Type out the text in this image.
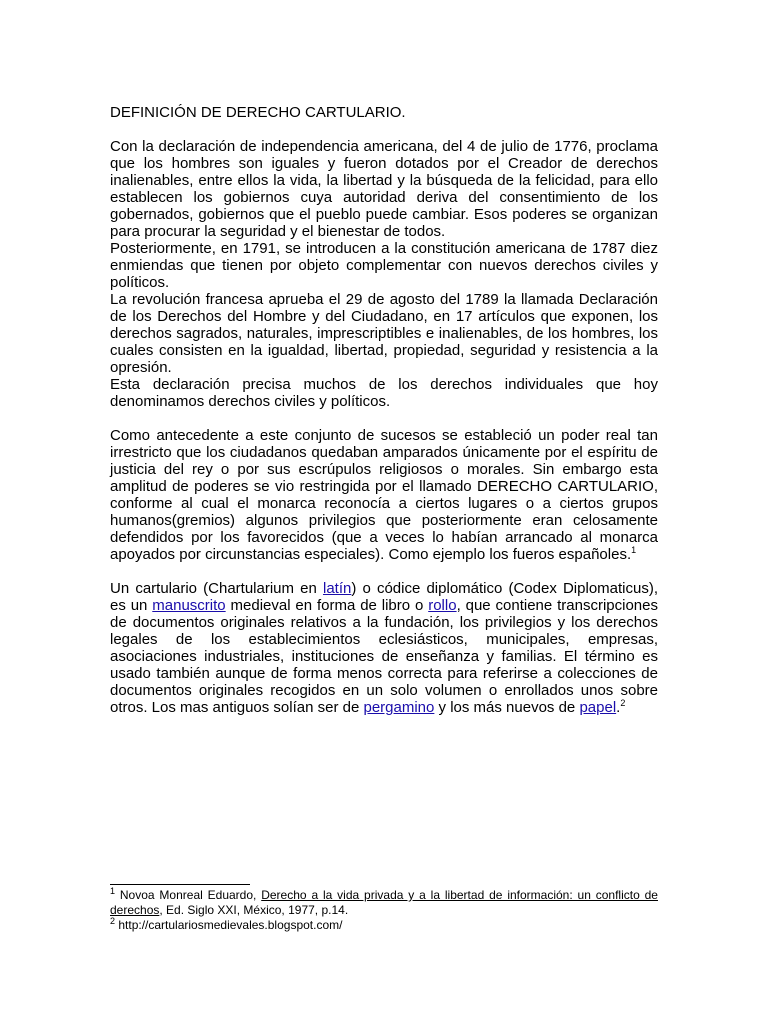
DEFINICIÓN DE DERECHO CARTULARIO.

Con la declaración de independencia americana, del 4 de julio de 1776, proclama que los hombres son iguales y fueron dotados por el Creador de derechos inalienables, entre ellos la vida, la libertad y la búsqueda de la felicidad, para ello establecen los gobiernos cuya autoridad deriva del consentimiento de los gobernados, gobiernos que el pueblo puede cambiar. Esos poderes se organizan para procurar la seguridad y el bienestar de todos.

Posteriormente, en 1791, se introducen a la constitución americana de 1787 diez enmiendas que tienen por objeto complementar con nuevos derechos civiles y políticos.

La revolución francesa aprueba el 29 de agosto del 1789 la llamada Declaración de los Derechos del Hombre y del Ciudadano, en 17 artículos que exponen, los derechos sagrados, naturales, imprescriptibles e inalienables, de los hombres, los cuales consisten en la igualdad, libertad, propiedad, seguridad y resistencia a la opresión.

Esta declaración precisa muchos de los derechos individuales que hoy denominamos derechos civiles y políticos.

Como antecedente a este conjunto de sucesos se estableció un poder real tan irrestricto que los ciudadanos quedaban amparados únicamente por el espíritu de justicia del rey o por sus escrúpulos religiosos o morales. Sin embargo esta amplitud de poderes se vio restringida por el llamado DERECHO CARTULARIO, conforme al cual el monarca reconocía a ciertos lugares o a ciertos grupos humanos(gremios) algunos privilegios que posteriormente eran celosamente defendidos por los favorecidos (que a veces lo habían arrancado al monarca apoyados por circunstancias especiales). Como ejemplo los fueros españoles.$^1$

Un cartulario (Chartularium en latín) o códice diplomático (Codex Diplomaticus), es un manuscrito medieval en forma de libro o rollo, que contiene transcripciones de documentos originales relativos a la fundación, los privilegios y los derechos legales de los establecimientos eclesiásticos, municipales, empresas, asociaciones industriales, instituciones de enseñanza y familias. El término es usado también aunque de forma menos correcta para referirse a colecciones de documentos originales recogidos en un solo volumen o enrollados unos sobre otros. Los mas antiguos solían ser de pergamino y los más nuevos de papel.$^2$

$^1$ Novoa Monreal Eduardo, Derecho a la vida privada y a la libertad de información: un conflicto de derechos, Ed. Siglo XXI, México, 1977, p.14.

$^2$ http://cartulariosmedievales.blogspot.com/
